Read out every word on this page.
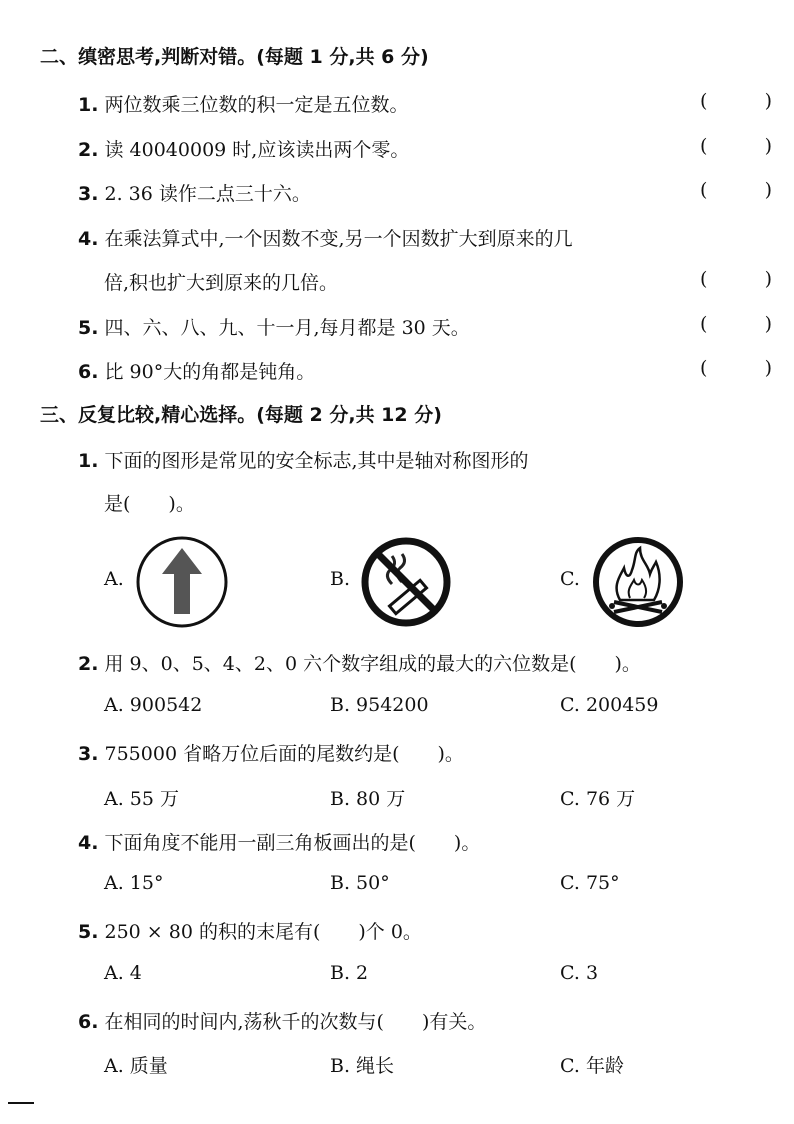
二、缜密思考,判断对错。(每题 1 分,共 6 分)
1. 两位数乘三位数的积一定是五位数。	(	)
2. 读 40040009 时,应该读出两个零。	(	)
3. 2. 36 读作二点三十六。	(	)
4. 在乘法算式中,一个因数不变,另一个因数扩大到原来的几
倍,积也扩大到原来的几倍。	(	)
5. 四、六、八、九、十一月,每月都是 30 天。	(	)
6. 比 90°大的角都是钝角。	(	)
三、反复比较,精心选择。(每题 2 分,共 12 分)
1. 下面的图形是常见的安全标志,其中是轴对称图形的
是(　　)。
A.	B.	C.
2. 用 9、0、5、4、2、0 六个数字组成的最大的六位数是(　　)。
A. 900542	B. 954200	C. 200459
3. 755000 省略万位后面的尾数约是(　　)。
A. 55 万	B. 80 万	C. 76 万
4. 下面角度不能用一副三角板画出的是(　　)。
A. 15°	B. 50°	C. 75°
5. 250 × 80 的积的末尾有(　　)个 0。
A. 4	B. 2	C. 3
6. 在相同的时间内,荡秋千的次数与(　　)有关。
A. 质量	B. 绳长	C. 年龄
